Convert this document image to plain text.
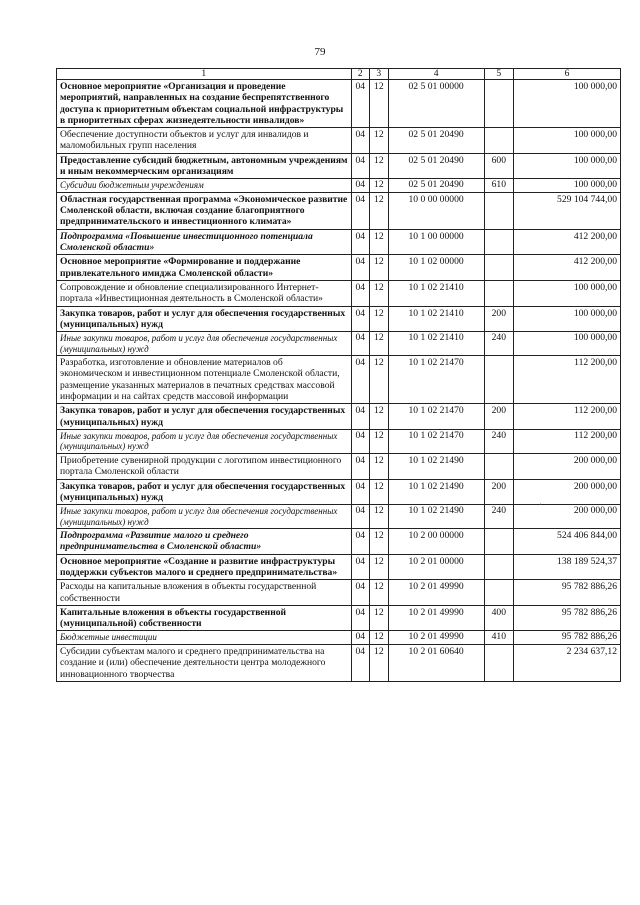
79
1	2	3	4	5	6
Основное мероприятие «Организация и проведение мероприятий, направленных на создание беспрепятственного доступа к приоритетным объектам социальной инфраструктуры в приоритетных сферах жизнедеятельности инвалидов»	04	12	02 5 01 00000		100 000,00
Обеспечение доступности объектов и услуг для инвалидов и маломобильных групп населения	04	12	02 5 01 20490		100 000,00
Предоставление субсидий бюджетным, автономным учреждениям и иным некоммерческим организациям	04	12	02 5 01 20490	600	100 000,00
Субсидии бюджетным учреждениям	04	12	02 5 01 20490	610	100 000,00
Областная государственная программа «Экономическое развитие Смоленской области, включая создание благоприятного предпринимательского и инвестиционного климата»	04	12	10 0 00 00000		529 104 744,00
Подпрограмма «Повышение инвестиционного потенциала Смоленской области»	04	12	10 1 00 00000		412 200,00
Основное мероприятие «Формирование и поддержание привлекательного имиджа Смоленской области»	04	12	10 1 02 00000		412 200,00
Сопровождение и обновление специализированного Интернет-портала «Инвестиционная деятельность в Смоленской области»	04	12	10 1 02 21410		100 000,00
Закупка товаров, работ и услуг для обеспечения государственных (муниципальных) нужд	04	12	10 1 02 21410	200	100 000,00
Иные закупки товаров, работ и услуг для обеспечения государственных (муниципальных) нужд	04	12	10 1 02 21410	240	100 000,00
Разработка, изготовление и обновление материалов об экономическом и инвестиционном потенциале Смоленской области, размещение указанных материалов в печатных средствах массовой информации и на сайтах средств массовой информации	04	12	10 1 02 21470		112 200,00
Закупка товаров, работ и услуг для обеспечения государственных (муниципальных) нужд	04	12	10 1 02 21470	200	112 200,00
Иные закупки товаров, работ и услуг для обеспечения государственных (муниципальных) нужд	04	12	10 1 02 21470	240	112 200,00
Приобретение сувенирной продукции с логотипом инвестиционного портала Смоленской области	04	12	10 1 02 21490		200 000,00
Закупка товаров, работ и услуг для обеспечения государственных (муниципальных) нужд	04	12	10 1 02 21490	200	200 000,00
Иные закупки товаров, работ и услуг для обеспечения государственных (муниципальных) нужд	04	12	10 1 02 21490	240	200 000,00
Подпрограмма «Развитие малого и среднего предпринимательства в Смоленской области»	04	12	10 2 00 00000		524 406 844,00
Основное мероприятие «Создание и развитие инфраструктуры поддержки субъектов малого и среднего предпринимательства»	04	12	10 2 01 00000		138 189 524,37
Расходы на капитальные вложения в объекты государственной собственности	04	12	10 2 01 49990		95 782 886,26
Капитальные вложения в объекты государственной (муниципальной) собственности	04	12	10 2 01 49990	400	95 782 886,26
Бюджетные инвестиции	04	12	10 2 01 49990	410	95 782 886,26
Субсидии субъектам малого и среднего предпринимательства на создание и (или) обеспечение деятельности центра молодежного инновационного творчества	04	12	10 2 01 60640		2 234 637,12
·
